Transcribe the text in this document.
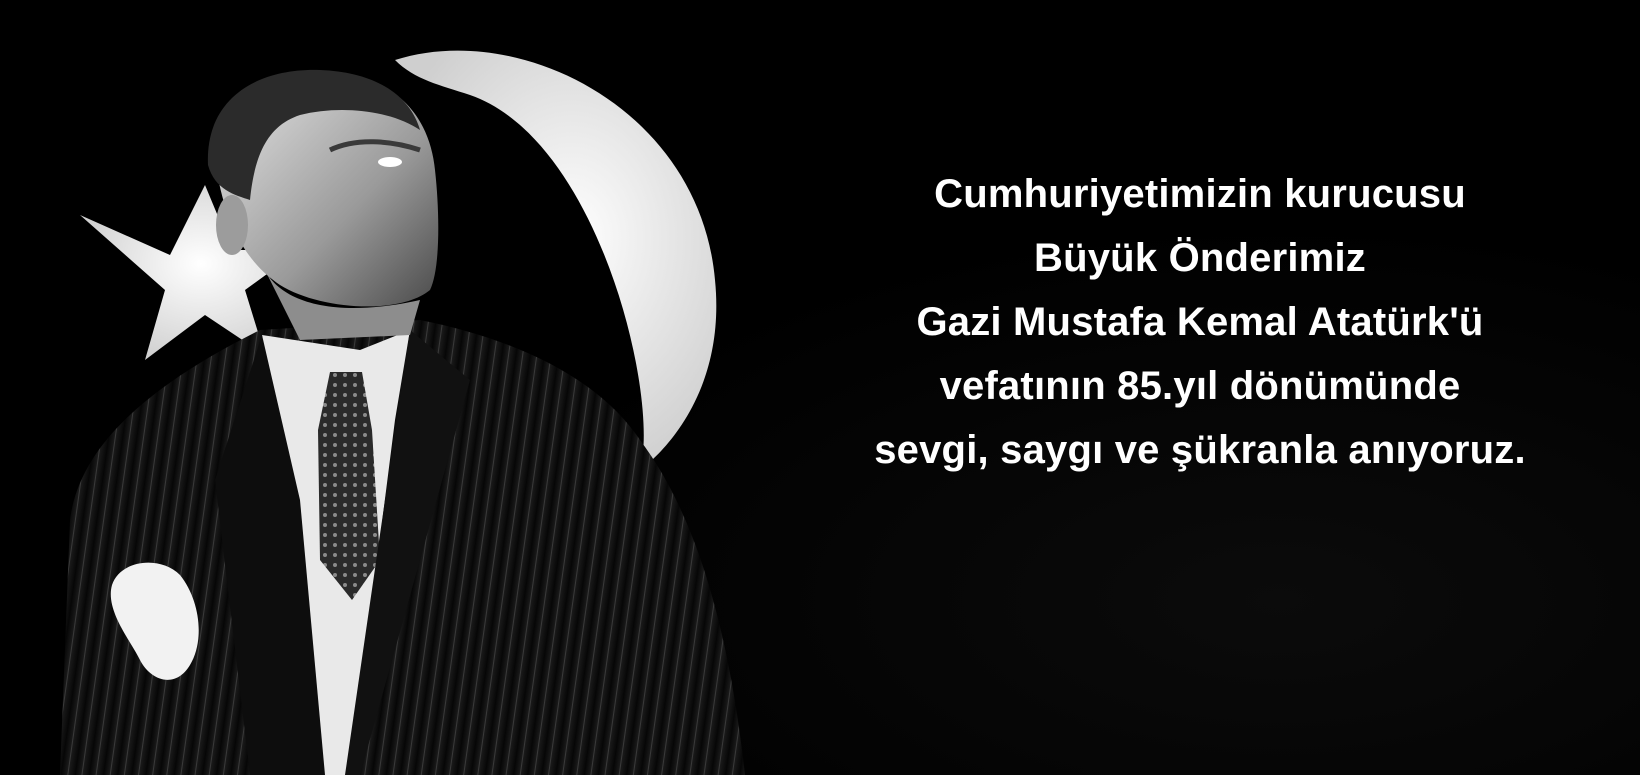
Cumhuriyetimizin kurucusu
Büyük Önderimiz
Gazi Mustafa Kemal Atatürk'ü
vefatının 85.yıl dönümünde
sevgi, saygı ve şükranla anıyoruz.
